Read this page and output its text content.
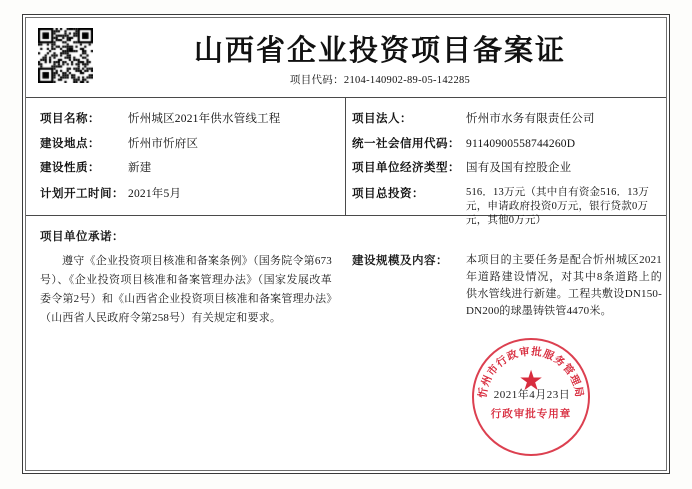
山西省企业投资项目备案证
项目代码：2104-140902-89-05-142285
项目名称：	忻州城区2021年供水管线工程
建设地点：	忻州市忻府区
建设性质：	新建
计划开工时间： 2021年5月
项目法人：	忻州市水务有限责任公司
统一社会信用代码： 91140900558744260D
项目单位经济类型： 国有及国有控股企业
项目总投资：	516．13万元（其中自有资金516．13万元，申请政府投资0万元，银行贷款0万元，其他0万元）
项目单位承诺：
遵守《企业投资项目核准和备案条例》（国务院令第673号）、《企业投资项目核准和备案管理办法》（国家发展改革委令第2号）和《山西省企业投资项目核准和备案管理办法》（山西省人民政府令第258号）有关规定和要求。
建设规模及内容：	本项目的主要任务是配合忻州城区2021年道路建设情况，对其中8条道路上的供水管线进行新建。工程共敷设DN150-DN200的球墨铸铁管4470米。
忻州市行政审批服务管理局
★
行政审批专用章
2021年4月23日
